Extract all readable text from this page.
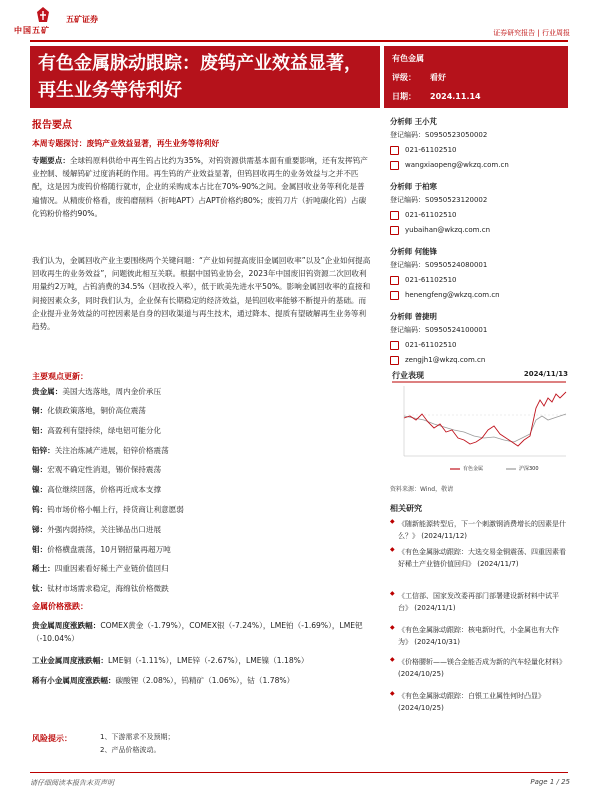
中国五矿
五矿证券
证券研究报告 | 行业周报
有色金属脉动跟踪：废钨产业效益显著，再生业务等待利好
有色金属
评级： 看好
日期： 2024.11.14
报告要点
本周专题探讨：废钨产业效益显著，再生业务等待利好
专题要点：全球钨原料供给中再生钨占比约为35%，对钨资源供需基本面有重要影响，还有发挥钨产业控制、缓解钨矿过度消耗的作用。再生钨的产业效益显著，但钨回收再生的业务效益与之并不匹配，这是因为废钨价格随行就市，企业的采购成本占比在70%-90%之间。金属回收业务等利化是普遍情况。从精废价格看，废钨磨削料（折吨APT）占APT价格约80%；废钨刀片（折吨碳化钨）占碳化钨粉价格约90%。
我们认为，金属回收产业主要围绕两个关键问题：“产业如何提高废旧金属回收率”以及“企业如何提高回收再生的业务效益”，问题彼此相互关联。根据中国钨业协会，2023年中国废旧钨资源二次回收利用量约2万吨，占钨消费的34.5%（回收投入率），低于欧美先进水平50%。影响金属回收率的直接和间接因素众多，同时我们认为，企业保有长期稳定的经济效益，是钨回收率能够不断提升的基础。而企业提升业务效益的可控因素是自身的回收渠道与再生技术，通过降本、提质有望破解再生业务等利趋势。
主要观点更新：
贵金属：美国大选落地，周内金价承压
铜：化债政策落地，铜价高位震荡
铝：高盈利有望持续，绿电铝可能分化
铅锌：关注冶炼减产进展，铅锌价格震荡
锡：宏观不确定性消退，锡价保持震荡
镍：高位继续回落，价格再近成本支撑
钨：钨市场价格小幅上行，持货商让利意愿弱
锑：外强内弱持续，关注锑品出口进展
钼：价格横盘震荡，10月钢招量再超万吨
稀土：四重因素看好稀土产业链价值回归
钛：钛材市场需求稳定，海绵钛价格微跌
金属价格涨跌：
贵金属周度涨跌幅：COMEX黄金（-1.79%），COMEX银（-7.24%），LME铂（-1.69%），LME钯（-10.04%）
工业金属周度涨跌幅：LME铜（-1.11%），LME锌（-2.67%），LME镍（1.18%）
稀有小金属周度涨跌幅：碳酸锂（2.08%），钨精矿（1.06%），钴（1.78%）
风险提示：	1、下游需求不及预期；
2、产品价格波动。
分析师 王小芃
登记编码：S0950523050002
021-61102510
wangxiaopeng@wkzq.com.cn
分析师 于柏寒
登记编码：S0950523120002
021-61102510
yubaihan@wkzq.com.cn
分析师 何能锋
登记编码：S0950524080001
021-61102510
henengfeng@wkzq.com.cn
分析师 曾捷明
登记编码：S0950524100001
021-61102510
zengjh1@wkzq.com.cn
行业表现	2024/11/13
有色金属	沪深300
资料来源：Wind，敬请
相关研究
◆ 《随新能源转型后，下一个刺激钢消费增长的因素是什么？》 (2024/11/12)
◆ 《有色金属脉动跟踪：大选交易金铜震荡、四重因素看好稀土产业链价值回归》 (2024/11/7)
◆ 《工信部、国家发改委再部门部署建设新材料中试平台》 (2024/11/1)
◆ 《有色金属脉动跟踪：核电新时代，小金属也有大作为》 (2024/10/31)
◆ 《价格腰斩——镁合金能否成为新的汽车轻量化材料》 (2024/10/25)
◆ 《有色金属脉动跟踪：白银工业属性何时凸显》 (2024/10/25)
请仔细阅读本报告末页声明	Page 1 / 25
